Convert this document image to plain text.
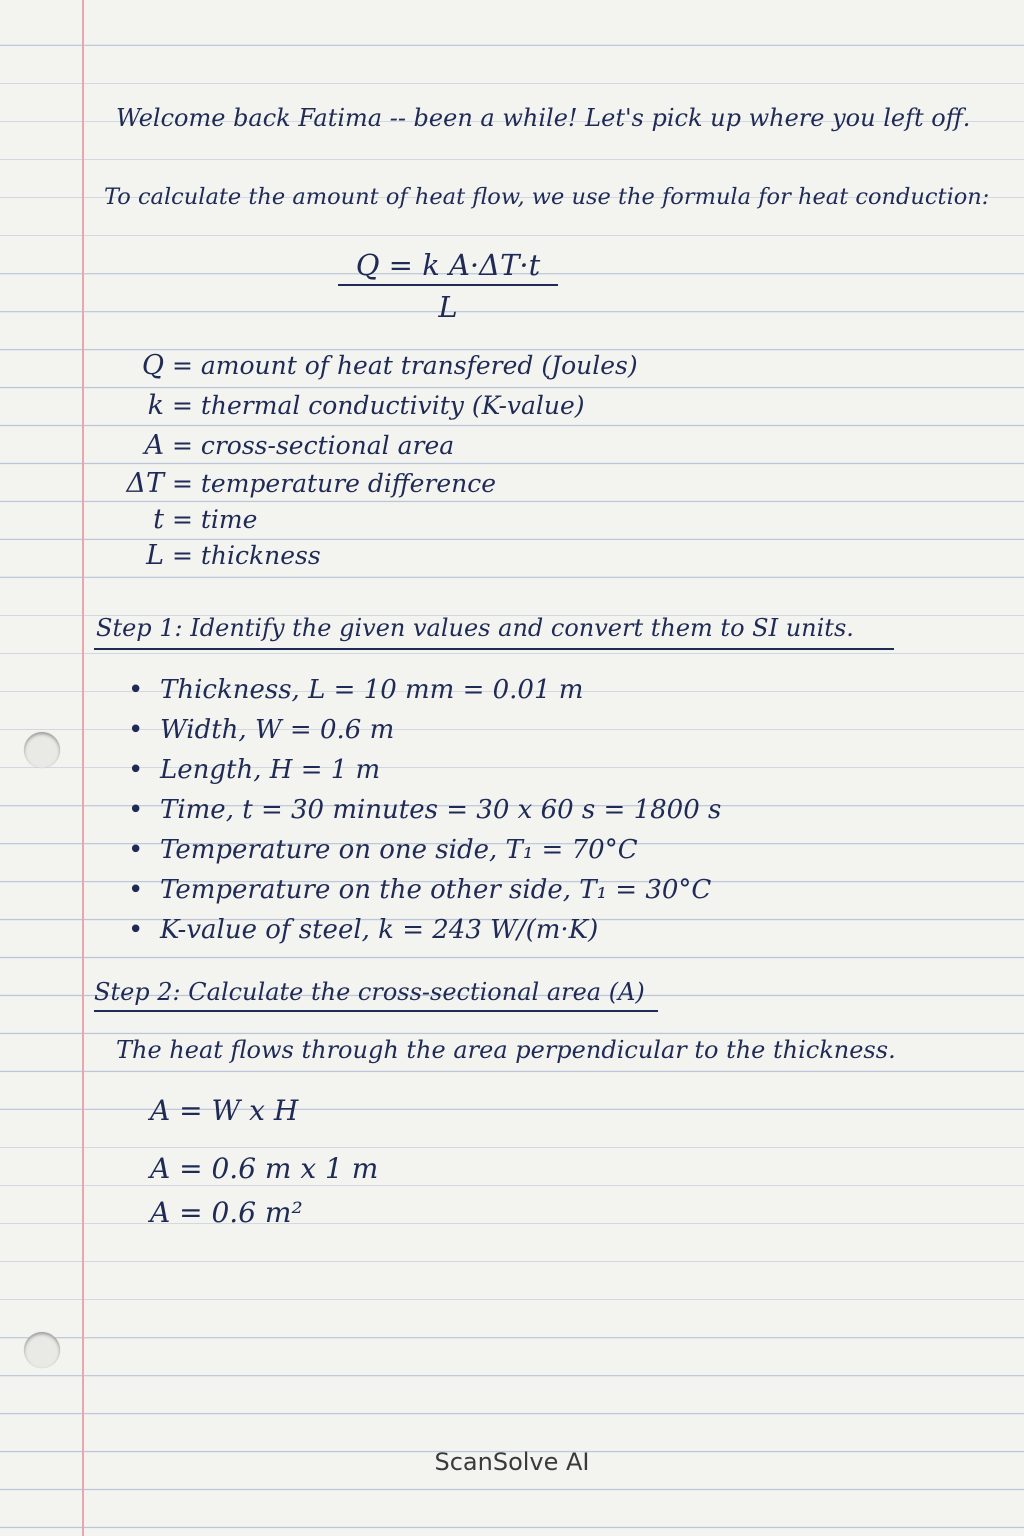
Welcome back Fatima -- been a while! Let's pick up where you left off.
To calculate the amount of heat flow, we use the formula for heat conduction:
$\frac{\text{Q = k A·ΔT·t}}{L}$
Q = amount of heat transfered (Joules)
k = thermal conductivity (K-value)
A = cross-sectional area
ΔT = temperature difference
t = time
L = thickness
Step 1: Identify the given values and convert them to SI units.
• Thickness, L = 10 mm = 0.01 m
• Width, W = 0.6 m
• Length, H = 1 m
• Time, t = 30 minutes = 30 x 60 s = 1800 s
• Temperature on one side, T₁ = 70°C
• Temperature on the other side, T₁ = 30°C
• K-value of steel, k = 243 W/(m·K)
Step 2: Calculate the cross-sectional area (A)
The heat flows through the area perpendicular to the thickness.
A = W x H
A = 0.6 m x 1 m
A = 0.6 m²
ScanSolve AI
